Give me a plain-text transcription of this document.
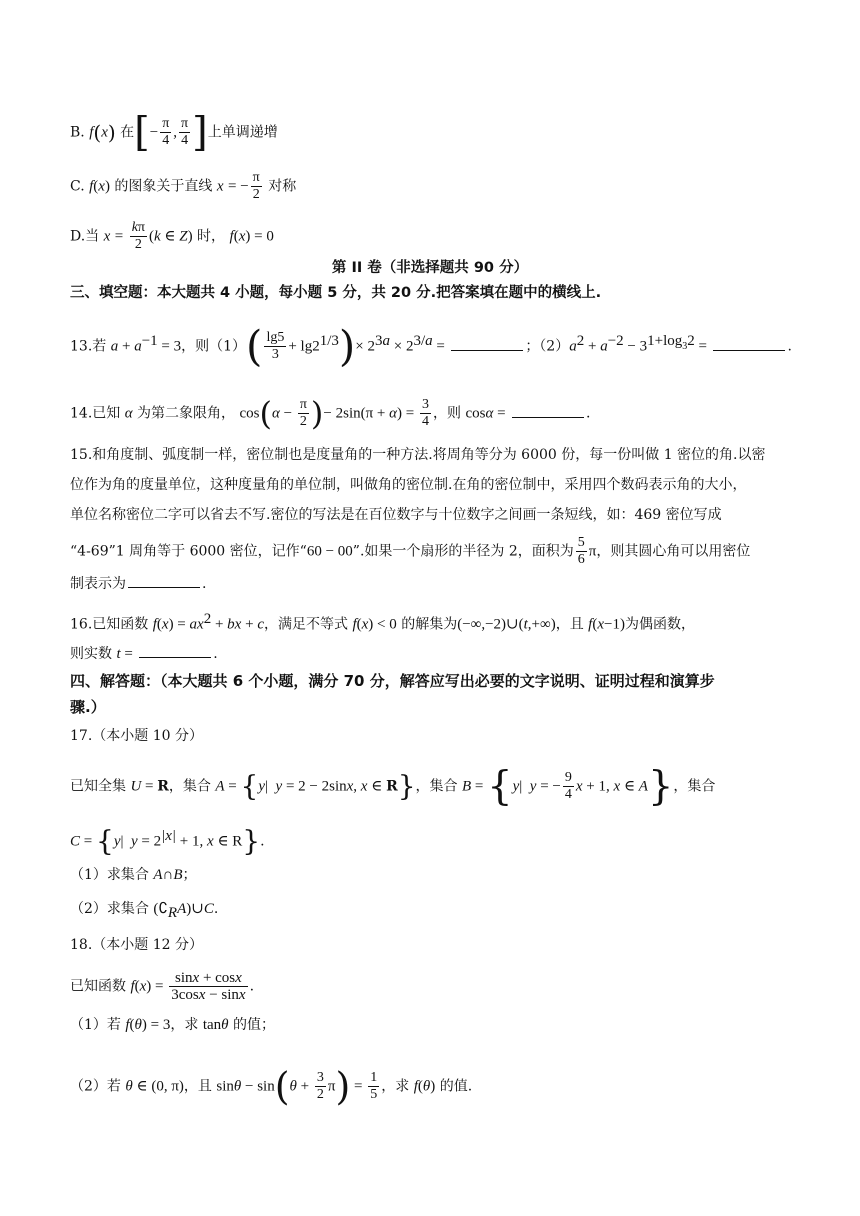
B. f(x) 在[− $\frac{\pi}{4}$ , $\frac{\pi}{4}$ ]上单调递增
C. f(x) 的图象关于直线 x = − $\frac{\pi}{2}$ 对称
D.当 $x = \frac{k\pi}{2} (k$ ∈ Z) 时， f(x) = 0
第 II 卷（非选择题共 90 分）
三、填空题：本大题共 4 小题，每小题 5 分，共 20 分.把答案填在题中的横线上.
13.若 $a + a^{-1} = 3$，则$(1)( \frac{\lg 5}{3} + \lg 2^{1/3})\times 2^{3a} \times 2^{3/a}$ =	；$(2)a^2 + a^{-2} - 3^{1+log_32}$ =	.
14.已知 α 为第二象限角， $\cos(\alpha - \frac{\pi}{2}$ )− $2\sin(\pi + \alpha) = \frac{3}{4}$ ，则 cosα =	.
15.和角度制、弧度制一样，密位制也是度量角的一种方法.将周角等分为 6000 份，每一份叫做 1 密位的角.以密
位作为角的度量单位，这种度量角的单位制，叫做角的密位制.在角的密位制中，采用四个数码表示角的大小，
单位名称密位二字可以省去不写.密位的写法是在百位数字与十位数字之间画一条短线，如：469 密位写成
“4-69”1 周角等于 6000 密位，记作“60 − 00”.如果一个扇形的半径为 2，面积为 $\frac{5}{6}$ π，则其圆心角可以用密位
制表示为	.
16.已知函数 $f(x) = ax^2$ + bx + c，满足不等式 f(x) < 0 的解集为(−∞,−2)∪(t,+∞)，且 f(x−1)为偶函数，
则实数 t =	.
四、解答题：（本大题共 6 个小题，满分 70 分，解答应写出必要的文字说明、证明过程和演算步
骤.）
17.（本小题 10 分）
已知全集 U = R，集合 A = {y|  y = 2 − 2sinx, x ∈ R}，集合 B = {y|  y = − $\frac{9}{4}$ x + 1, x ∈ A}，集合
C = {y|  $y = 2^{|x|} + 1$, x ∈ R}.
（1）求集合 A∩B；
（2）求集合 $(∁_RA)\cup C$.
18.（本小题 12 分）
已知函数 $f(x) = \frac{\sin x + \cos x}{3\cos x - \sin x}$ .
（1）若 f(θ) = 3，求 tanθ 的值；
（2）若 θ ∈ (0, π)，且 $\sin\theta - \sin(\theta + \frac{3}{2} \pi) = \frac{1}{5}$ ，求 f(θ) 的值.
